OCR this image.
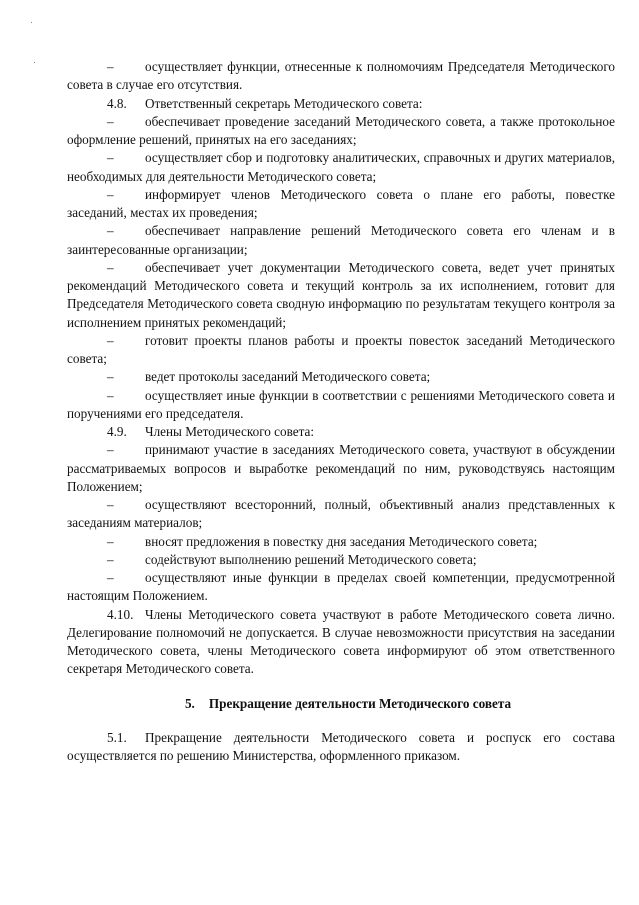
– осуществляет функции, отнесенные к полномочиям Председателя Методического совета в случае его отсутствия.

4.8. Ответственный секретарь Методического совета:

– обеспечивает проведение заседаний Методического совета, а также протокольное оформление решений, принятых на его заседаниях;

– осуществляет сбор и подготовку аналитических, справочных и других материалов, необходимых для деятельности Методического совета;

– информирует членов Методического совета о плане его работы, повестке заседаний, местах их проведения;

– обеспечивает направление решений Методического совета его членам и в заинтересованные организации;

– обеспечивает учет документации Методического совета, ведет учет принятых рекомендаций Методического совета и текущий контроль за их исполнением, готовит для Председателя Методического совета сводную информацию по результатам текущего контроля за исполнением принятых рекомендаций;

– готовит проекты планов работы и проекты повесток заседаний Методического совета;

– ведет протоколы заседаний Методического совета;

– осуществляет иные функции в соответствии с решениями Методического совета и поручениями его председателя.

4.9. Члены Методического совета:

– принимают участие в заседаниях Методического совета, участвуют в обсуждении рассматриваемых вопросов и выработке рекомендаций по ним, руководствуясь настоящим Положением;

– осуществляют всесторонний, полный, объективный анализ представленных к заседаниям материалов;

– вносят предложения в повестку дня заседания Методического совета;

– содействуют выполнению решений Методического совета;

– осуществляют иные функции в пределах своей компетенции, предусмотренной настоящим Положением.

4.10. Члены Методического совета участвуют в работе Методического совета лично. Делегирование полномочий не допускается. В случае невозможности присутствия на заседании Методического совета, члены Методического совета информируют об этом ответственного секретаря Методического совета.

5. Прекращение деятельности Методического совета

5.1. Прекращение деятельности Методического совета и роспуск его состава осуществляется по решению Министерства, оформленного приказом.
